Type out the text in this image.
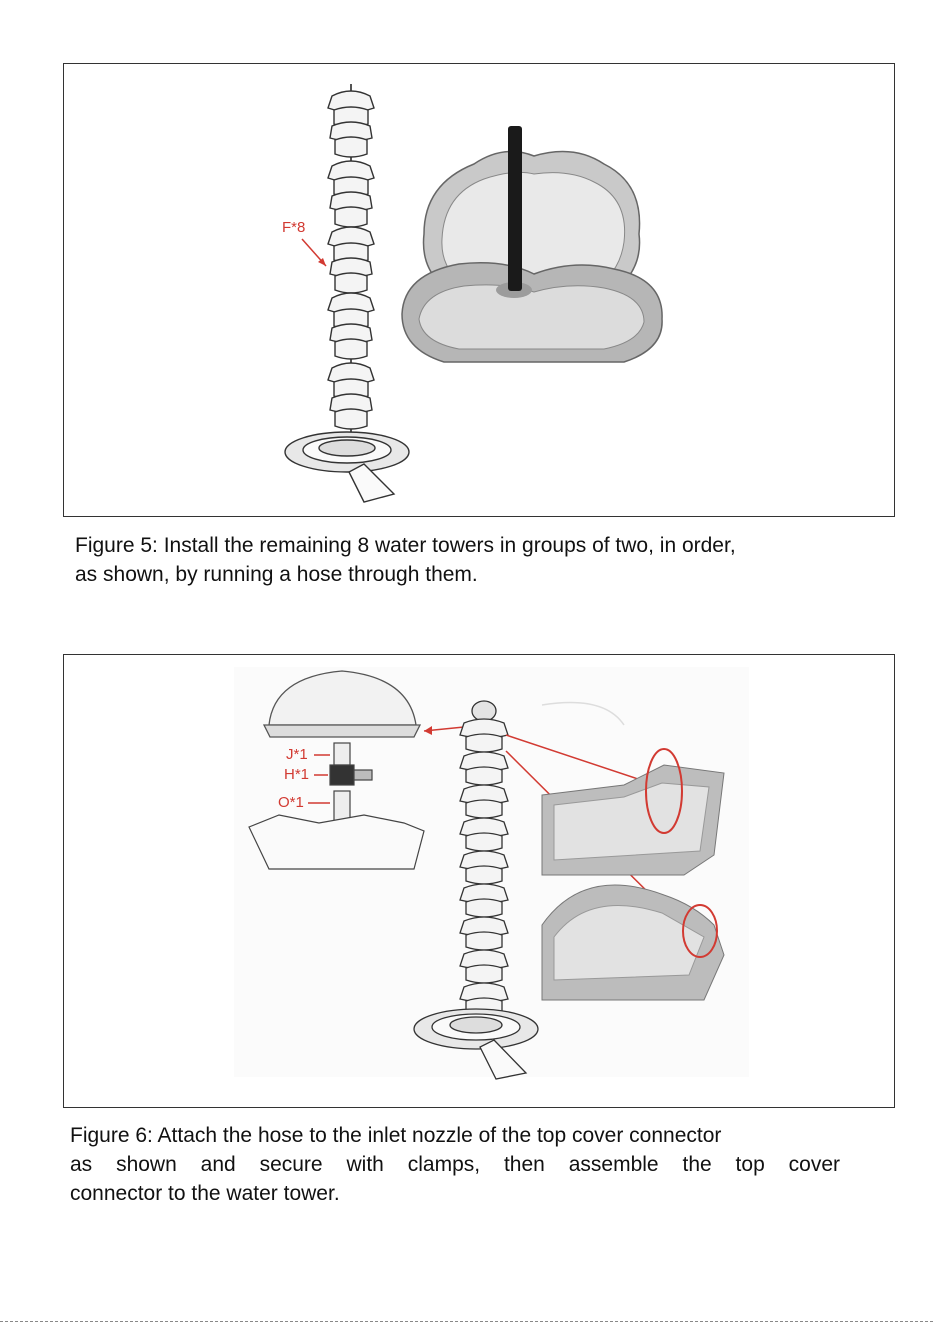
F*8
Figure 5: Install the remaining 8 water towers in groups of two, in order,
as shown, by running a hose through them.
J*1
H*1
O*1
Figure 6: Attach the hose to the inlet nozzle of the top cover connector
as shown and secure with clamps, then assemble the top cover
connector to the water tower.
